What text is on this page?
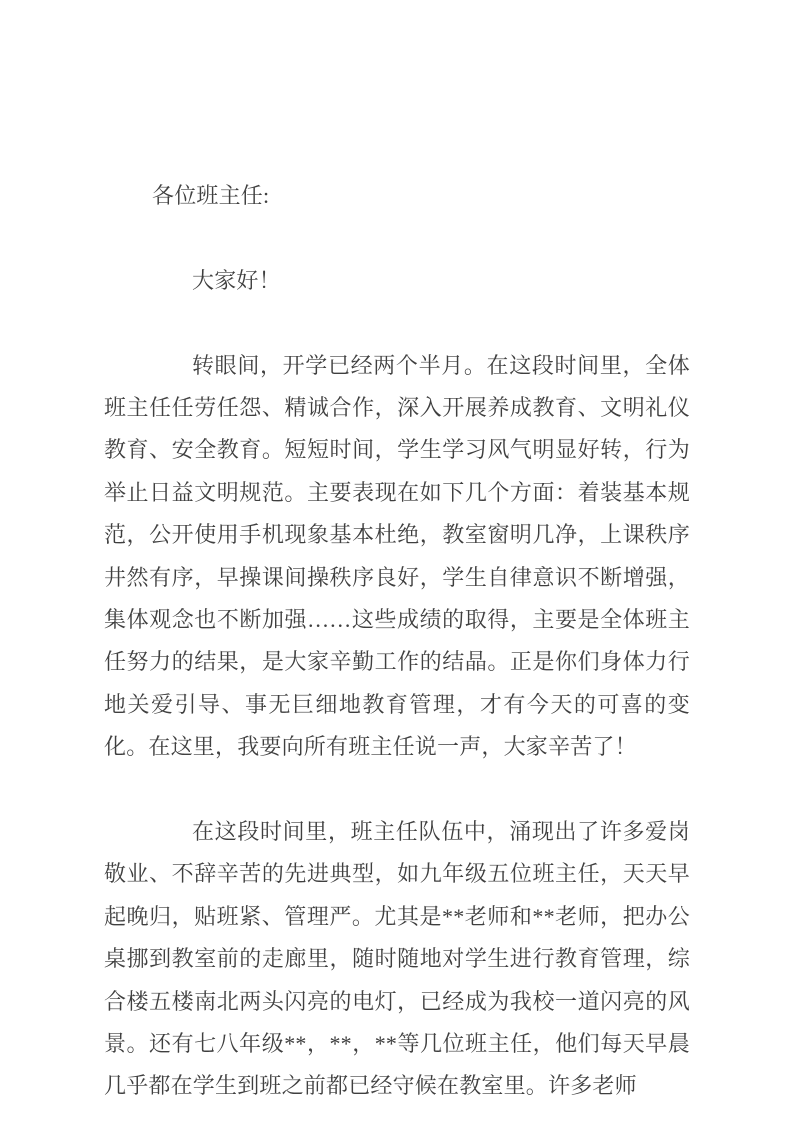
各位班主任:

大家好！

转眼间，开学已经两个半月。在这段时间里，全体班主任任劳任怨、精诚合作，深入开展养成教育、文明礼仪教育、安全教育。短短时间，学生学习风气明显好转，行为举止日益文明规范。主要表现在如下几个方面：着装基本规范，公开使用手机现象基本杜绝，教室窗明几净，上课秩序井然有序，早操课间操秩序良好，学生自律意识不断增强，集体观念也不断加强……这些成绩的取得，主要是全体班主任努力的结果，是大家辛勤工作的结晶。正是你们身体力行地关爱引导、事无巨细地教育管理，才有今天的可喜的变化。在这里，我要向所有班主任说一声，大家辛苦了！

在这段时间里，班主任队伍中，涌现出了许多爱岗敬业、不辞辛苦的先进典型，如九年级五位班主任，天天早起晚归，贴班紧、管理严。尤其是**老师和**老师，把办公桌挪到教室前的走廊里，随时随地对学生进行教育管理，综合楼五楼南北两头闪亮的电灯，已经成为我校一道闪亮的风景。还有七八年级**，**，**等几位班主任，他们每天早晨几乎都在学生到班之前都已经守候在教室里。许多老师
